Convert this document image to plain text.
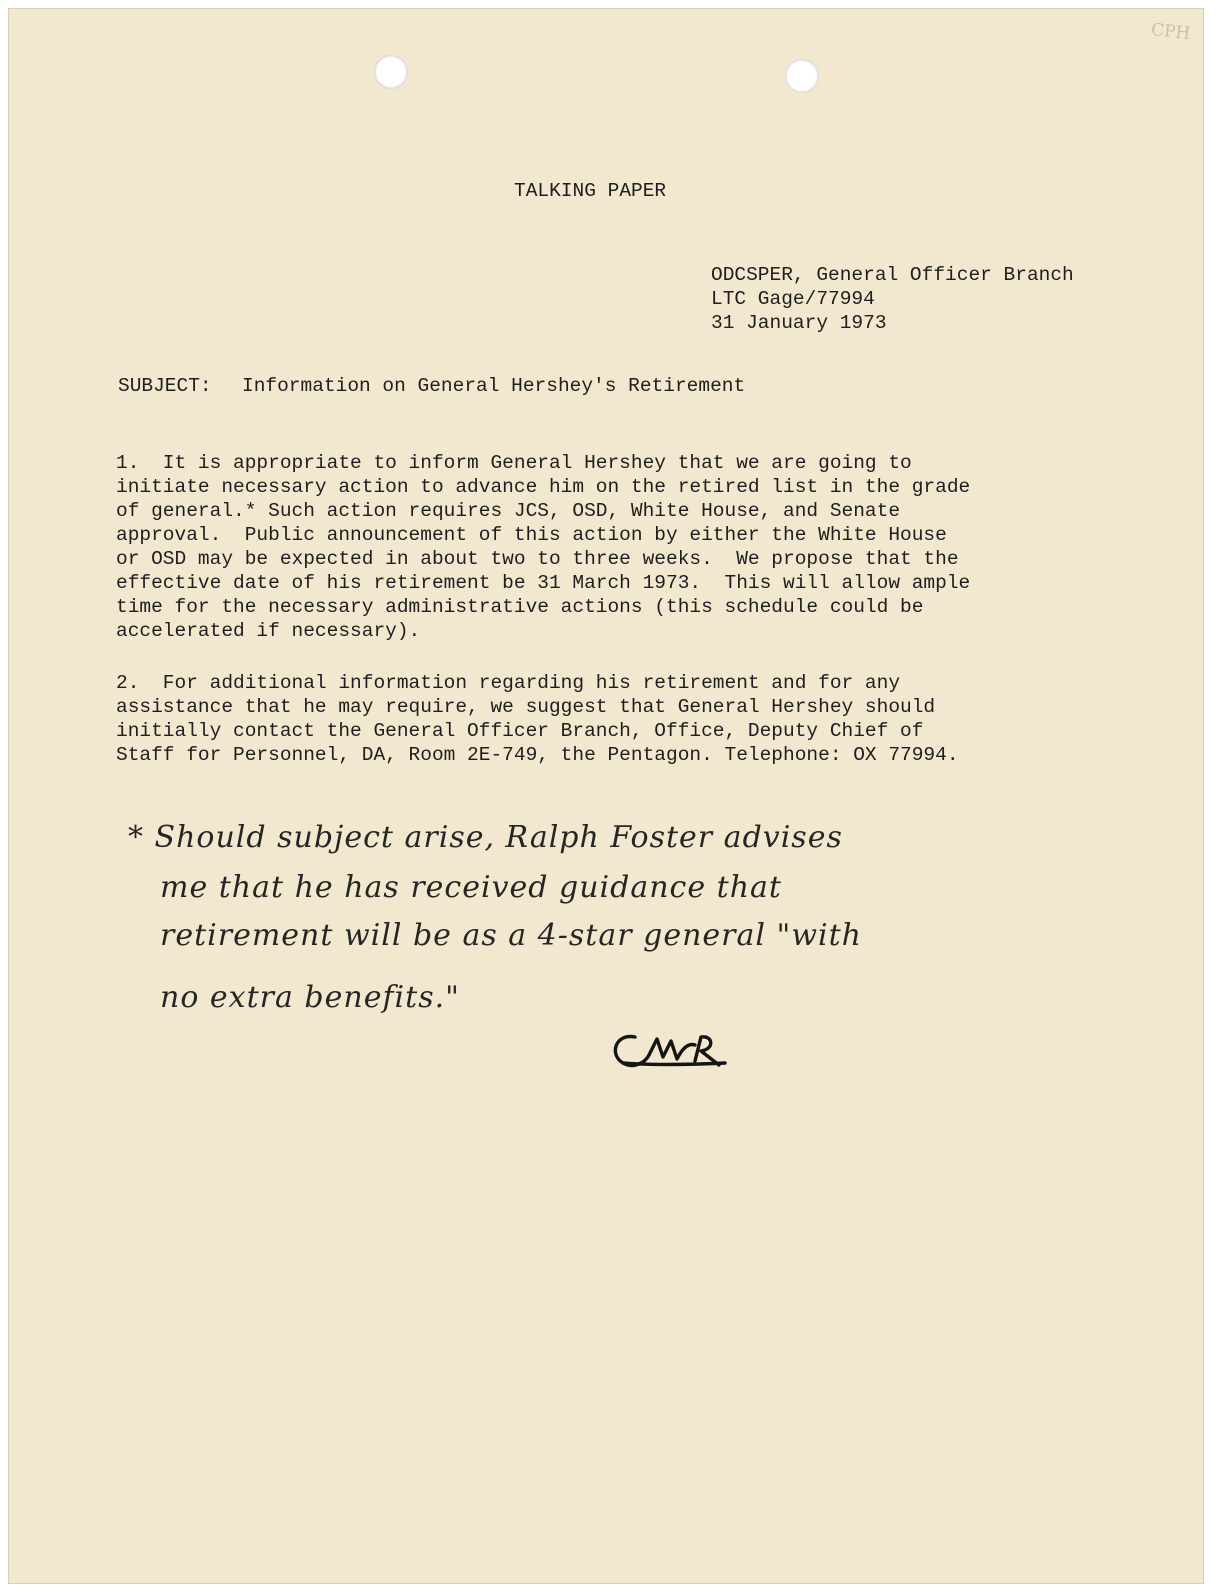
CPH
TALKING PAPER
ODCSPER, General Officer Branch
LTC Gage/77994
31 January 1973
SUBJECT: Information on General Hershey's Retirement
1.  It is appropriate to inform General Hershey that we are going to
initiate necessary action to advance him on the retired list in the grade
of general.* Such action requires JCS, OSD, White House, and Senate
approval.  Public announcement of this action by either the White House
or OSD may be expected in about two to three weeks.  We propose that the
effective date of his retirement be 31 March 1973.  This will allow ample
time for the necessary administrative actions (this schedule could be
accelerated if necessary).
2.  For additional information regarding his retirement and for any
assistance that he may require, we suggest that General Hershey should
initially contact the General Officer Branch, Office, Deputy Chief of
Staff for Personnel, DA, Room 2E-749, the Pentagon. Telephone: OX 77994.
* Should subject arise, Ralph Foster advises
me that he has received guidance that
retirement will be as a 4-star general "with
no extra benefits."
